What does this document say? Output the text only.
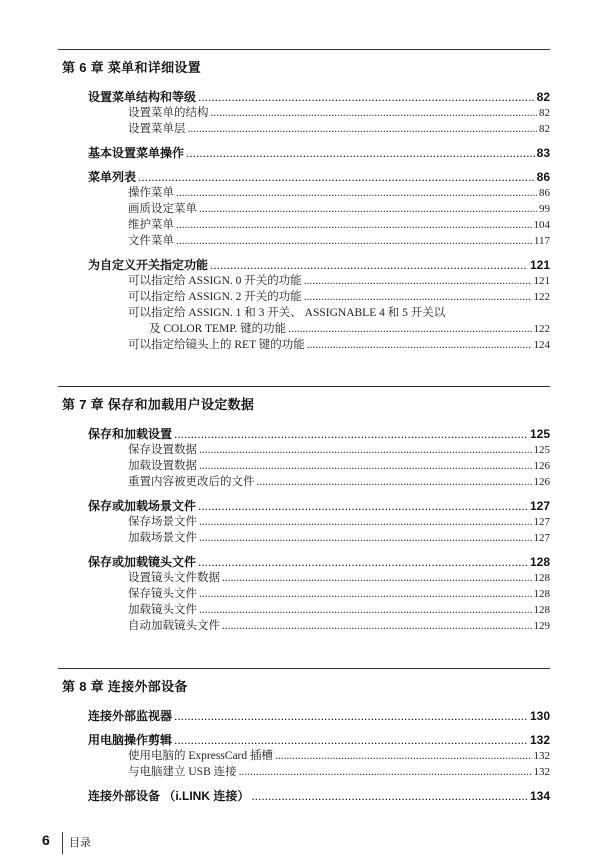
第 6 章 菜单和详细设置
设置菜单结构和等级 .....	82
设置菜单的结构 .....	82
设置菜单层 .....	82
基本设置菜单操作 .....	83
菜单列表 .....	86
操作菜单 .....	86
画质设定菜单 .....	99
维护菜单 .....	104
文件菜单 .....	117
为自定义开关指定功能 .....	121
可以指定给 ASSIGN. 0 开关的功能 .....	121
可以指定给 ASSIGN. 2 开关的功能 .....	122
可以指定给 ASSIGN. 1 和 3 开关、 ASSIGNABLE 4 和 5 开关以
及 COLOR TEMP. 键的功能 .....	122
可以指定给镜头上的 RET 键的功能 .....	124
第 7 章 保存和加载用户设定数据
保存和加载设置 .....	125
保存设置数据 .....	125
加载设置数据 .....	126
重置内容被更改后的文件 .....	126
保存或加载场景文件 .....	127
保存场景文件 .....	127
加载场景文件 .....	127
保存或加载镜头文件 .....	128
设置镜头文件数据 .....	128
保存镜头文件 .....	128
加载镜头文件 .....	128
自动加载镜头文件 .....	129
第 8 章 连接外部设备
连接外部监视器 .....	130
用电脑操作剪辑 .....	132
使用电脑的 ExpressCard 插槽 .....	132
与电脑建立 USB 连接 .....	132
连接外部设备 （i.LINK 连接） .....	134
6 目录
